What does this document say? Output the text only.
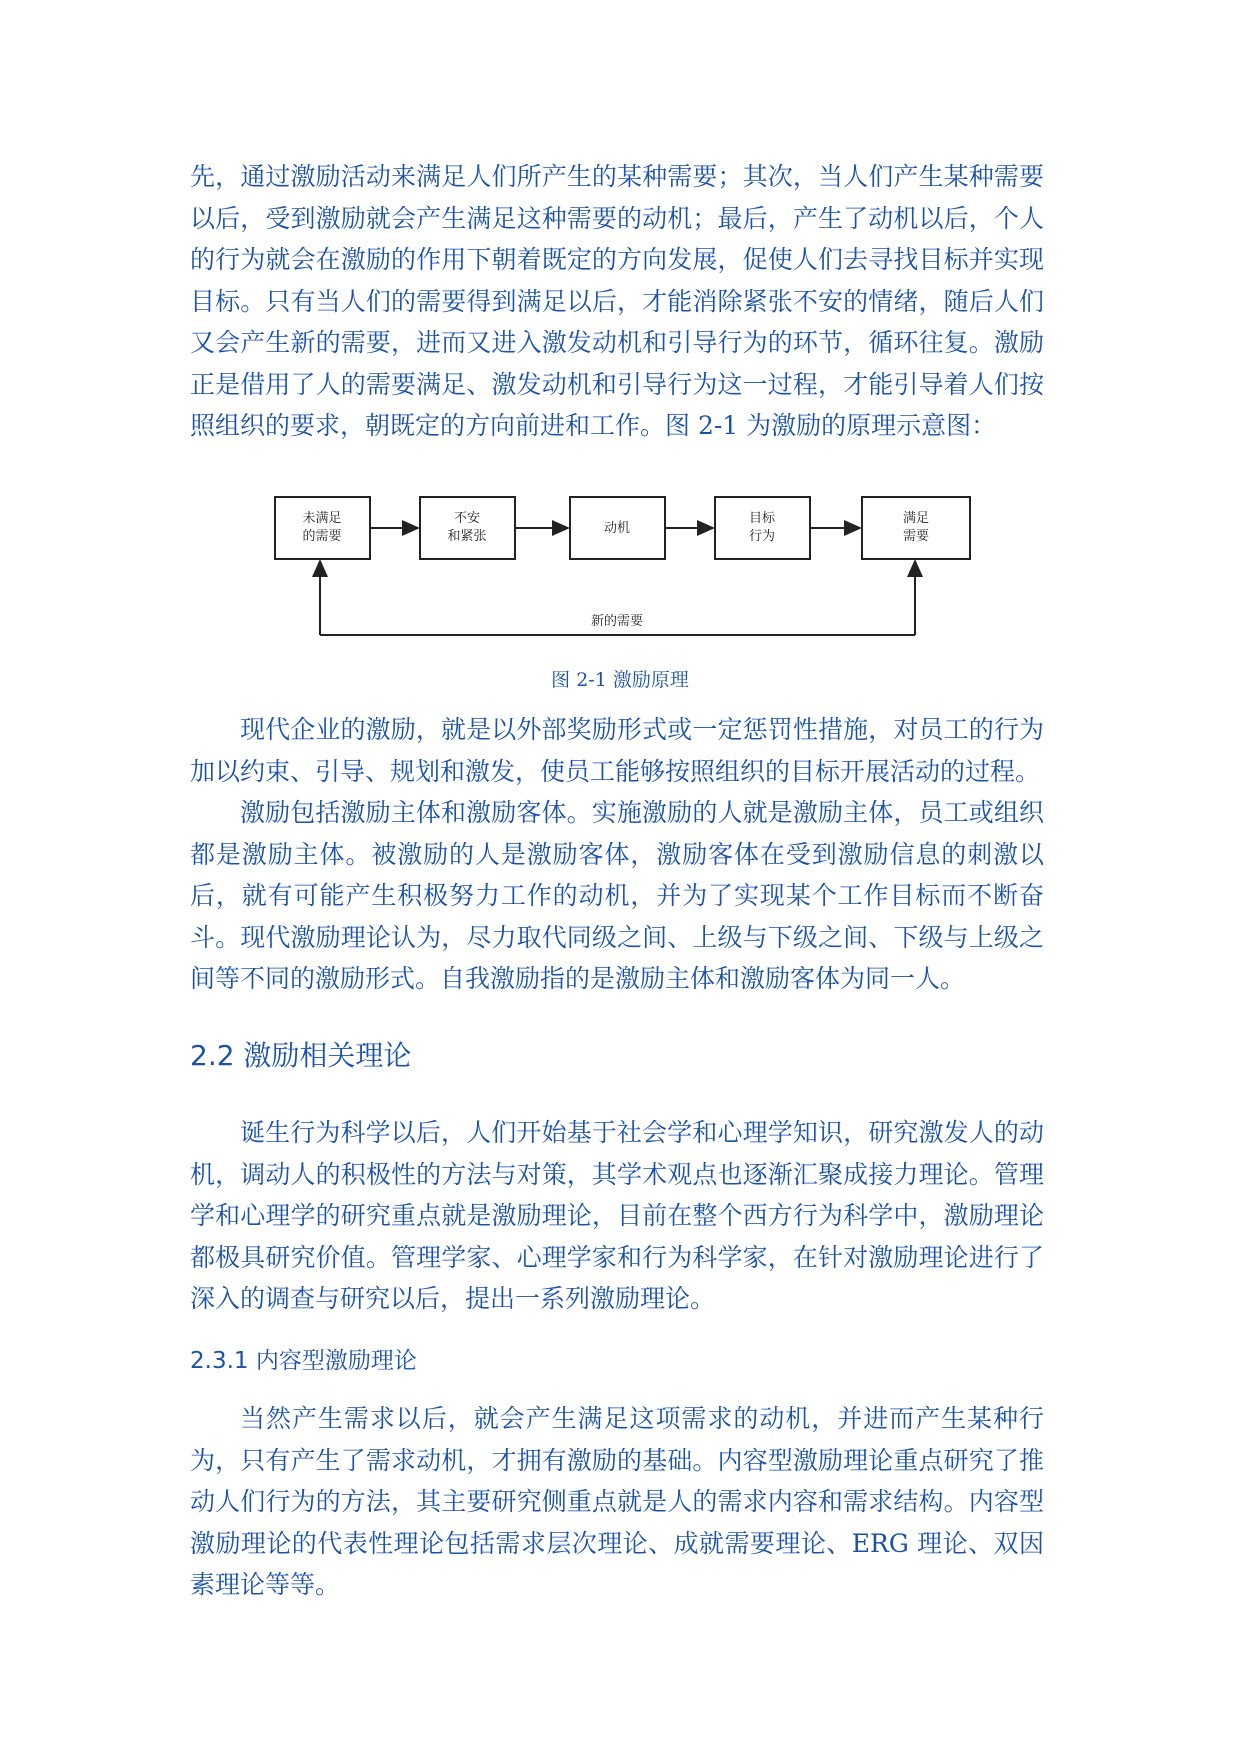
先，通过激励活动来满足人们所产生的某种需要；其次，当人们产生某种需要以后，受到激励就会产生满足这种需要的动机；最后，产生了动机以后，个人的行为就会在激励的作用下朝着既定的方向发展，促使人们去寻找目标并实现目标。只有当人们的需要得到满足以后，才能消除紧张不安的情绪，随后人们又会产生新的需要，进而又进入激发动机和引导行为的环节，循环往复。激励正是借用了人的需要满足、激发动机和引导行为这一过程，才能引导着人们按照组织的要求，朝既定的方向前进和工作。图 2-1 为激励的原理示意图：

未满足
的需要
不安
和紧张
动机
目标
行为
满足
需要
新的需要
图 2-1 激励原理

现代企业的激励，就是以外部奖励形式或一定惩罚性措施，对员工的行为加以约束、引导、规划和激发，使员工能够按照组织的目标开展活动的过程。

激励包括激励主体和激励客体。实施激励的人就是激励主体，员工或组织都是激励主体。被激励的人是激励客体，激励客体在受到激励信息的刺激以后，就有可能产生积极努力工作的动机，并为了实现某个工作目标而不断奋斗。现代激励理论认为，尽力取代同级之间、上级与下级之间、下级与上级之间等不同的激励形式。自我激励指的是激励主体和激励客体为同一人。

2.2 激励相关理论

诞生行为科学以后，人们开始基于社会学和心理学知识，研究激发人的动机，调动人的积极性的方法与对策，其学术观点也逐渐汇聚成接力理论。管理学和心理学的研究重点就是激励理论，目前在整个西方行为科学中，激励理论都极具研究价值。管理学家、心理学家和行为科学家，在针对激励理论进行了深入的调查与研究以后，提出一系列激励理论。

2.3.1 内容型激励理论

当然产生需求以后，就会产生满足这项需求的动机，并进而产生某种行为，只有产生了需求动机，才拥有激励的基础。内容型激励理论重点研究了推动人们行为的方法，其主要研究侧重点就是人的需求内容和需求结构。内容型激励理论的代表性理论包括需求层次理论、成就需要理论、ERG 理论、双因素理论等等。
